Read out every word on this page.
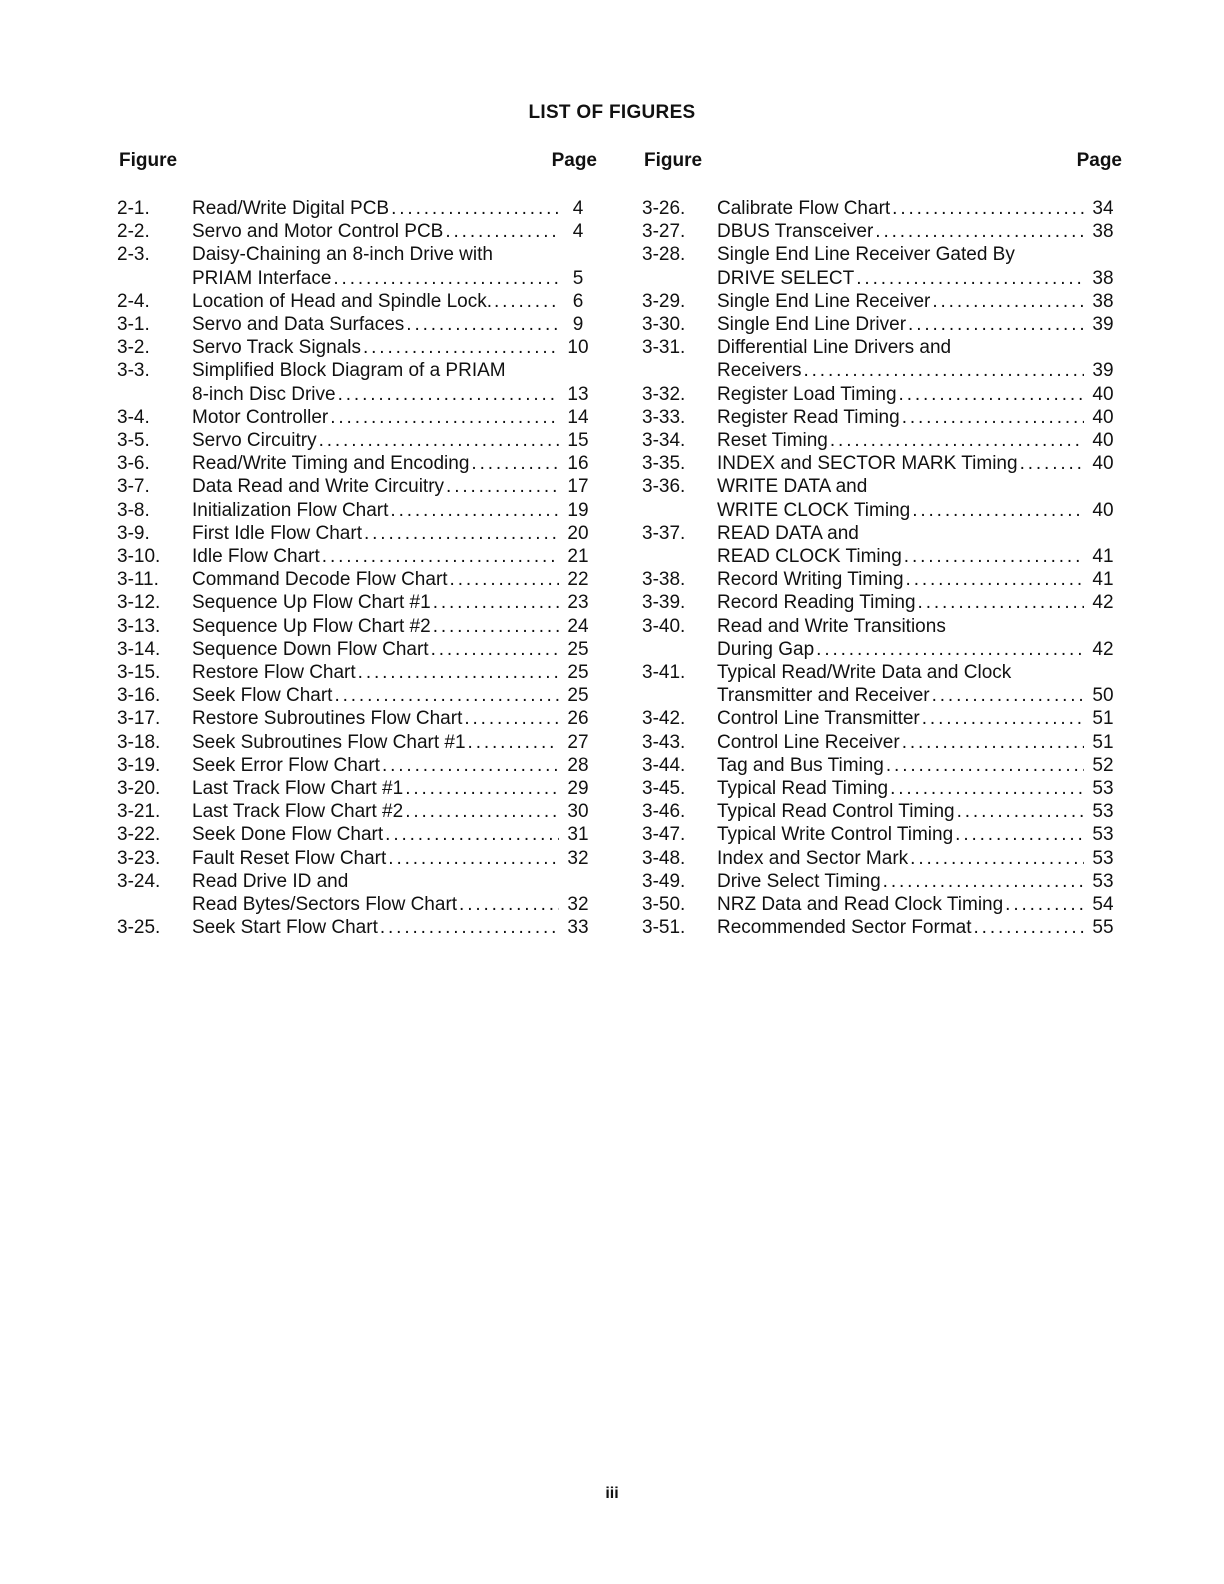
LIST OF FIGURES
Figure	Page
2-1.	Read/Write Digital PCB . . .	4
2-2.	Servo and Motor Control PCB . . .	4
2-3.	Daisy-Chaining an 8-inch Drive with
PRIAM Interface . . .	5
2-4.	Location of Head and Spindle Lock. . . .	6
3-1.	Servo and Data Surfaces . . .	9
3-2.	Servo Track Signals . . .	10
3-3.	Simplified Block Diagram of a PRIAM
8-inch Disc Drive . . .	13
3-4.	Motor Controller . . .	14
3-5.	Servo Circuitry . . .	15
3-6.	Read/Write Timing and Encoding . . .	16
3-7.	Data Read and Write Circuitry . . .	17
3-8.	Initialization Flow Chart . . .	19
3-9.	First Idle Flow Chart . . .	20
3-10.	Idle Flow Chart . . .	21
3-11.	Command Decode Flow Chart . . .	22
3-12.	Sequence Up Flow Chart #1 . . .	23
3-13.	Sequence Up Flow Chart #2 . . .	24
3-14.	Sequence Down Flow Chart . . .	25
3-15.	Restore Flow Chart . . .	25
3-16.	Seek Flow Chart . . .	25
3-17.	Restore Subroutines Flow Chart . . .	26
3-18.	Seek Subroutines Flow Chart #1 . . .	27
3-19.	Seek Error Flow Chart . . .	28
3-20.	Last Track Flow Chart #1 . . .	29
3-21.	Last Track Flow Chart #2 . . .	30
3-22.	Seek Done Flow Chart . . .	31
3-23.	Fault Reset Flow Chart . . .	32
3-24.	Read Drive ID and
Read Bytes/Sectors Flow Chart . . .	32
3-25.	Seek Start Flow Chart . . .	33
Figure	Page
3-26.	Calibrate Flow Chart . . .	34
3-27.	DBUS Transceiver . . .	38
3-28.	Single End Line Receiver Gated By
DRIVE SELECT . . .	38
3-29.	Single End Line Receiver . . .	38
3-30.	Single End Line Driver . . .	39
3-31.	Differential Line Drivers and
Receivers . . .	39
3-32.	Register Load Timing . . .	40
3-33.	Register Read Timing . . .	40
3-34.	Reset Timing . . .	40
3-35.	INDEX and SECTOR MARK Timing . . .	40
3-36.	WRITE DATA and
WRITE CLOCK Timing . . .	40
3-37.	READ DATA and
READ CLOCK Timing . . .	41
3-38.	Record Writing Timing . . .	41
3-39.	Record Reading Timing . . .	42
3-40.	Read and Write Transitions
During Gap . . .	42
3-41.	Typical Read/Write Data and Clock
Transmitter and Receiver . . .	50
3-42.	Control Line Transmitter . . .	51
3-43.	Control Line Receiver . . .	51
3-44.	Tag and Bus Timing . . .	52
3-45.	Typical Read Timing . . .	53
3-46.	Typical Read Control Timing . . .	53
3-47.	Typical Write Control Timing . . .	53
3-48.	Index and Sector Mark . . .	53
3-49.	Drive Select Timing . . .	53
3-50.	NRZ Data and Read Clock Timing . . .	54
3-51.	Recommended Sector Format . . .	55
iii
